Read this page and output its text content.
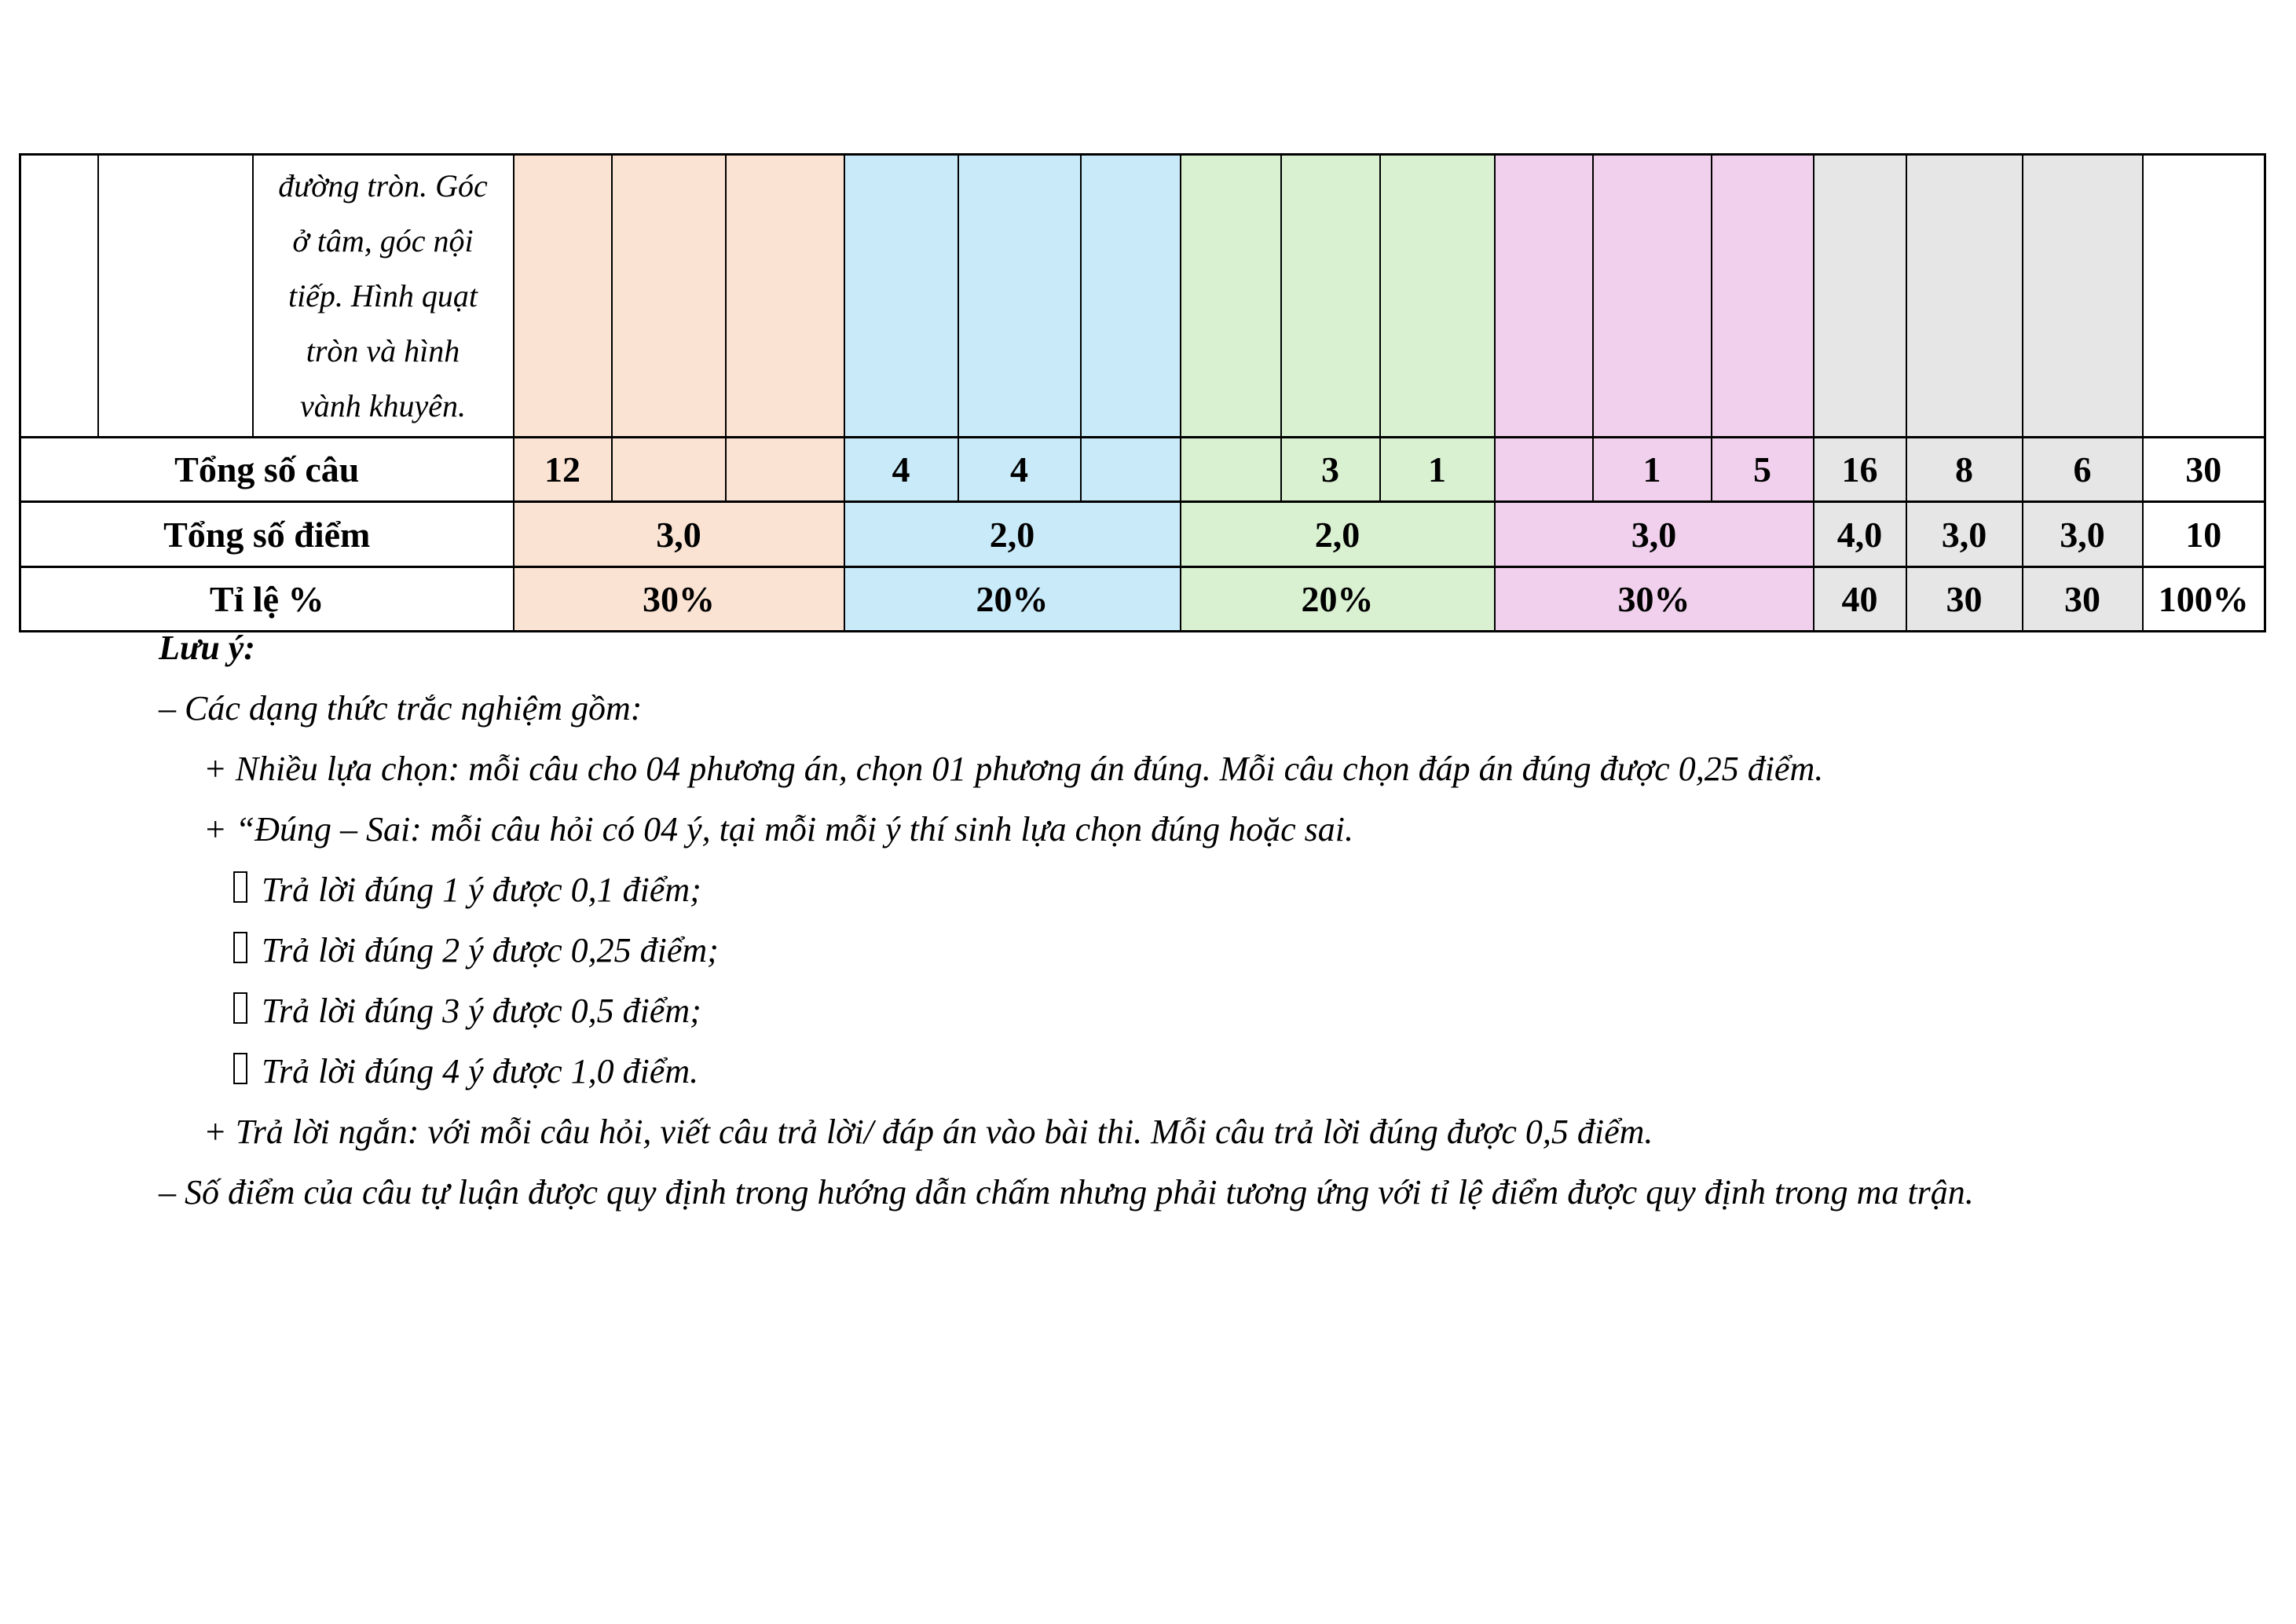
		đường tròn. Góc
ở tâm, góc nội
tiếp. Hình quạt
tròn và hình
vành khuyên.																

Tổng số câu			12			4	4			3	1		1	5	16	8	6	30
Tổng số điểm			3,0			2,0			2,0			3,0			4,0	3,0	3,0	10
Tỉ lệ %			30%			20%			20%			30%			40	30	30	100%
Lưu ý:
– Các dạng thức trắc nghiệm gồm:
+ Nhiều lựa chọn: mỗi câu cho 04 phương án, chọn 01 phương án đúng. Mỗi câu chọn đáp án đúng được 0,25 điểm.
+ “Đúng – Sai: mỗi câu hỏi có 04 ý, tại mỗi mỗi ý thí sinh lựa chọn đúng hoặc sai.
Trả lời đúng 1 ý được 0,1 điểm;
Trả lời đúng 2 ý được 0,25 điểm;
Trả lời đúng 3 ý được 0,5 điểm;
Trả lời đúng 4 ý được 1,0 điểm.
+ Trả lời ngắn: với mỗi câu hỏi, viết câu trả lời/ đáp án vào bài thi. Mỗi câu trả lời đúng được 0,5 điểm.
– Số điểm của câu tự luận được quy định trong hướng dẫn chấm nhưng phải tương ứng với tỉ lệ điểm được quy định trong ma trận.
